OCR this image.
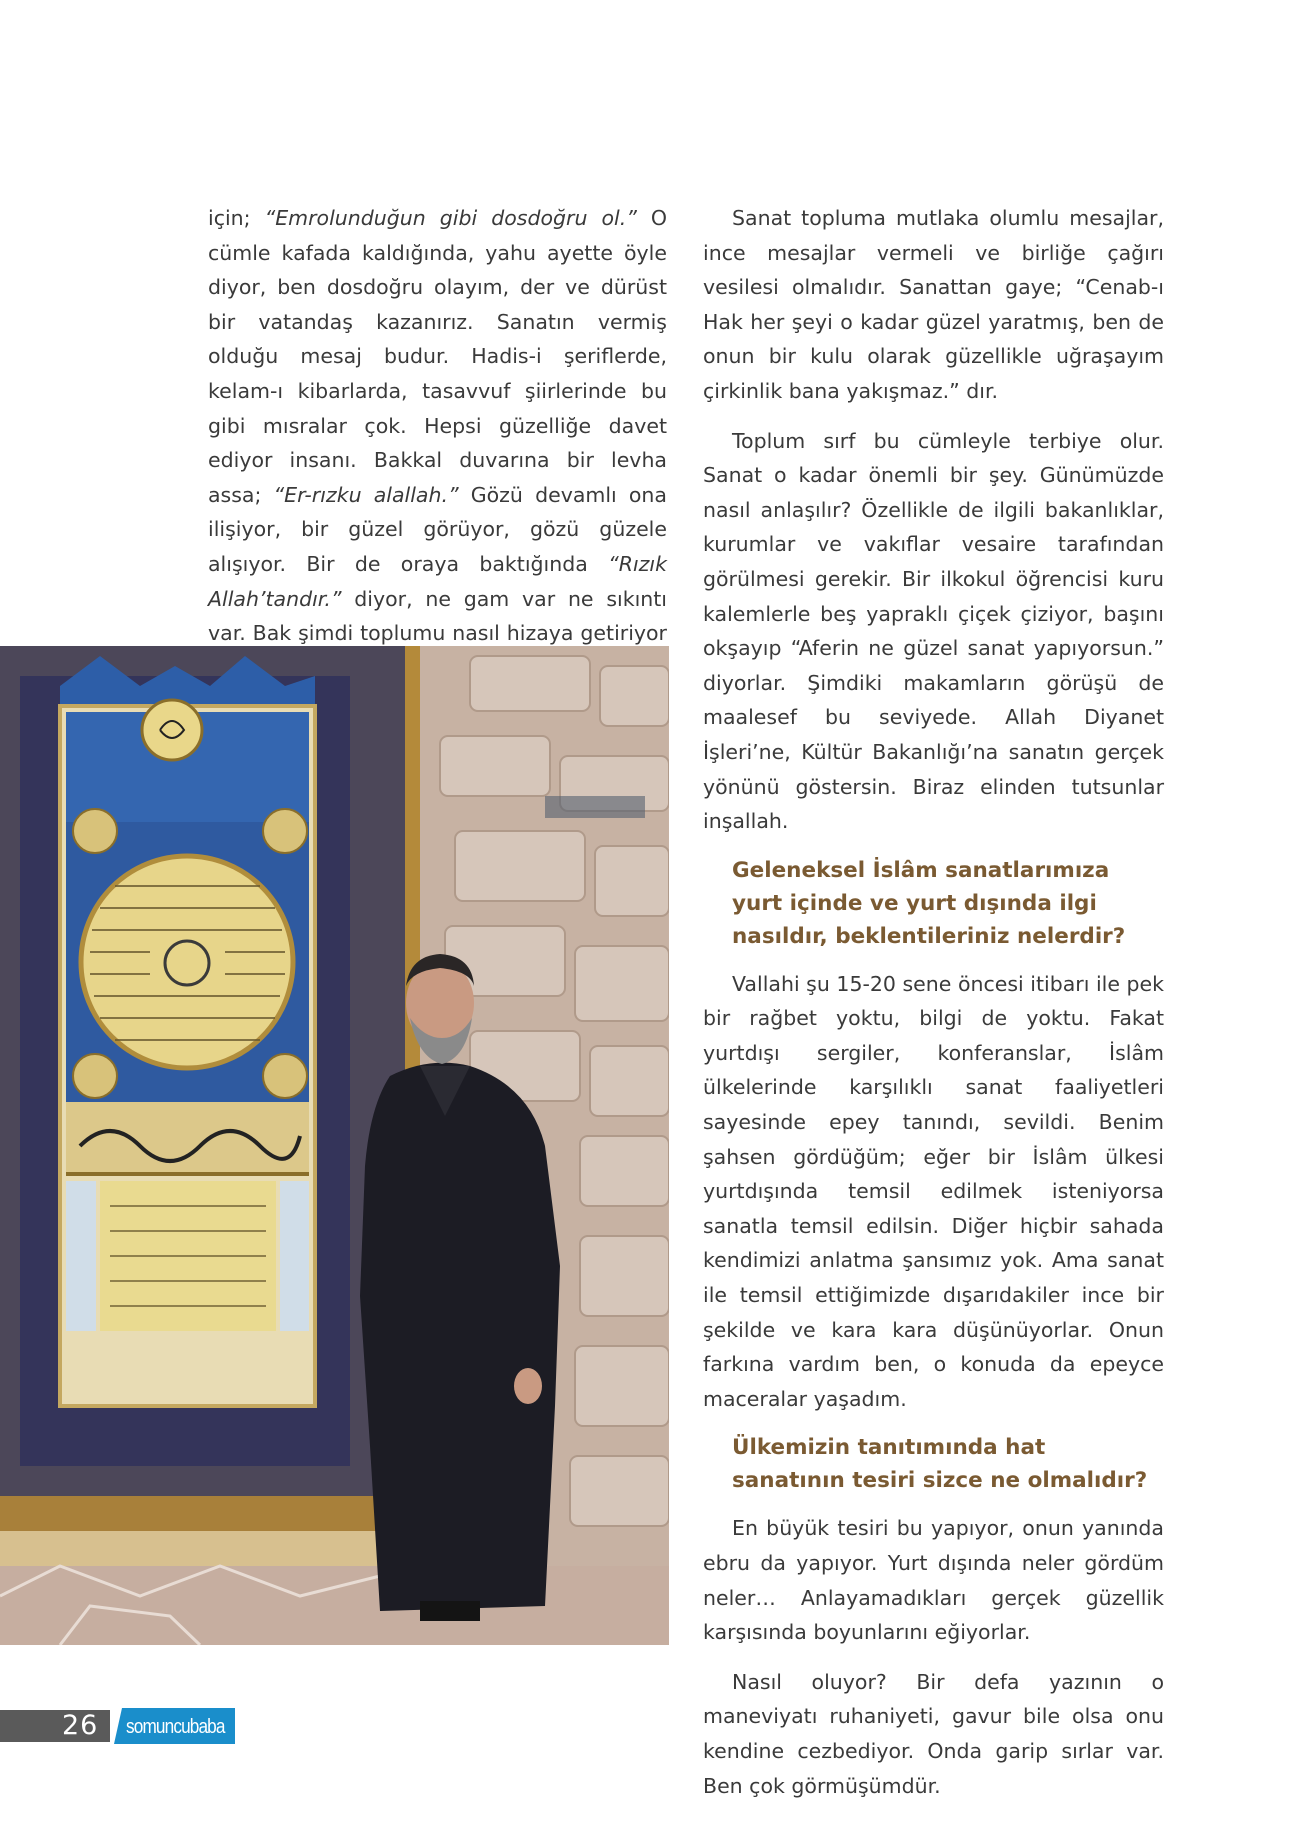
için; “Emrolunduğun gibi dosdoğru ol.” O cümle kafada kaldığında, yahu ayette öyle diyor, ben dosdoğru olayım, der ve dürüst bir vatandaş kazanırız. Sanatın vermiş olduğu mesaj budur. Hadis-i şeriflerde, kelam-ı kibarlarda, tasavvuf şiirlerinde bu gibi mısralar çok. Hepsi güzelliğe davet ediyor insanı. Bakkal duvarına bir levha assa; “Er-rızku alallah.” Gözü devamlı ona ilişiyor, bir güzel görüyor, gözü güzele alışıyor. Bir de oraya baktığında “Rızık Allah’tandır.” diyor, ne gam var ne sıkıntı var. Bak şimdi toplumu nasıl hizaya getiriyor

Sanat topluma mutlaka olumlu mesajlar, ince mesajlar vermeli ve birliğe çağırı vesilesi olmalıdır. Sanattan gaye; “Cenab-ı Hak her şeyi o kadar güzel yaratmış, ben de onun bir kulu olarak güzellikle uğraşayım çirkinlik bana yakışmaz.” dır.

Toplum sırf bu cümleyle terbiye olur. Sanat o kadar önemli bir şey. Günümüzde nasıl anlaşılır? Özellikle de ilgili bakanlıklar, kurumlar ve vakıflar vesaire tarafından görülmesi gerekir. Bir ilkokul öğrencisi kuru kalemlerle beş yapraklı çiçek çiziyor, başını okşayıp “Aferin ne güzel sanat yapıyorsun.” diyorlar. Şimdiki makamların görüşü de maalesef bu seviyede. Allah Diyanet İşleri’ne, Kültür Bakanlığı’na sanatın gerçek yönünü göstersin. Biraz elinden tutsunlar inşallah.

Geleneksel İslâm sanatlarımıza yurt içinde ve yurt dışında ilgi nasıldır, beklentileriniz nelerdir?

Vallahi şu 15-20 sene öncesi itibarı ile pek bir rağbet yoktu, bilgi de yoktu. Fakat yurtdışı sergiler, konferanslar, İslâm ülkelerinde karşılıklı sanat faaliyetleri sayesinde epey tanındı, sevildi. Benim şahsen gördüğüm; eğer bir İslâm ülkesi yurtdışında temsil edilmek isteniyorsa sanatla temsil edilsin. Diğer hiçbir sahada kendimizi anlatma şansımız yok. Ama sanat ile temsil ettiğimizde dışarıdakiler ince bir şekilde ve kara kara düşünüyorlar. Onun farkına vardım ben, o konuda da epeyce maceralar yaşadım.

Ülkemizin tanıtımında hat sanatının tesiri sizce ne olmalıdır?

En büyük tesiri bu yapıyor, onun yanında ebru da yapıyor. Yurt dışında neler gördüm neler… Anlayamadıkları gerçek güzellik karşısında boyunlarını eğiyorlar.

Nasıl oluyor? Bir defa yazının o maneviyatı ruhaniyeti, gavur bile olsa onu kendine cezbediyor. Onda garip sırlar var. Ben çok görmüşümdür.

26	somuncubaba
